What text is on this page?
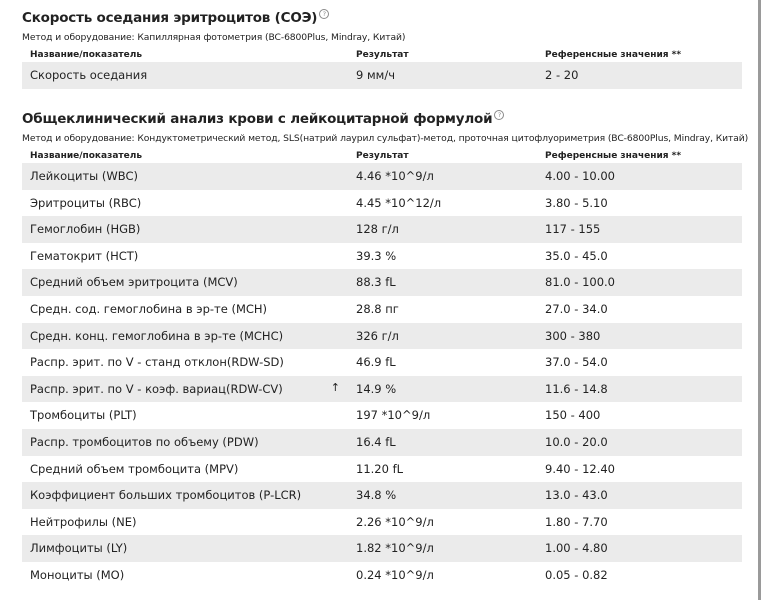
Скорость оседания эритроцитов (СОЭ) ?
Метод и оборудование: Капиллярная фотометрия (BC-6800Plus, Mindray, Китай)
Название/показатель	Результат	Референсные значения **
Скорость оседания	9 мм/ч	2 - 20
Общеклинический анализ крови с лейкоцитарной формулой ?
Метод и оборудование: Кондуктометрический метод, SLS(натрий лаурил сульфат)-метод, проточная цитофлуориметрия (BC-6800Plus, Mindray, Китай)
Название/показатель	Результат	Референсные значения **
Лейкоциты (WBC)	4.46 *10^9/л	4.00 - 10.00
Эритроциты (RBC)	4.45 *10^12/л	3.80 - 5.10
Гемоглобин (HGB)	128 г/л	117 - 155
Гематокрит (HCT)	39.3 %	35.0 - 45.0
Средний объем эритроцита (MCV)	88.3 fL	81.0 - 100.0
Средн. сод. гемоглобина в эр-те (MCH)	28.8 пг	27.0 - 34.0
Средн. конц. гемоглобина в эр-те (MCHC)	326 г/л	300 - 380
Распр. эрит. по V - станд отклон(RDW-SD)	46.9 fL	37.0 - 54.0
Распр. эрит. по V - коэф. вариац(RDW-CV)	↑	14.9 %	11.6 - 14.8
Тромбоциты (PLT)	197 *10^9/л	150 - 400
Распр. тромбоцитов по объему (PDW)	16.4 fL	10.0 - 20.0
Средний объем тромбоцита (MPV)	11.20 fL	9.40 - 12.40
Коэффициент больших тромбоцитов (P-LCR)	34.8 %	13.0 - 43.0
Нейтрофилы (NE)	2.26 *10^9/л	1.80 - 7.70
Лимфоциты (LY)	1.82 *10^9/л	1.00 - 4.80
Моноциты (MO)	0.24 *10^9/л	0.05 - 0.82
